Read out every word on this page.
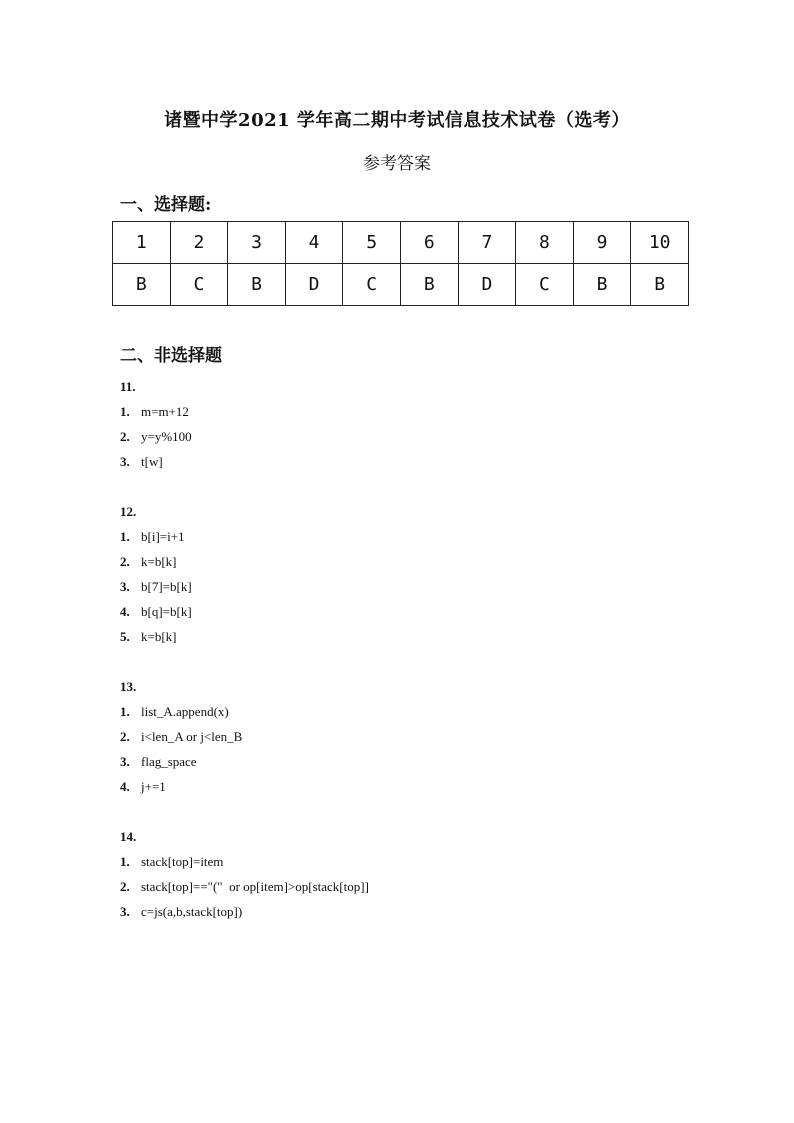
诸暨中学2021 学年高二期中考试信息技术试卷（选考）
参考答案
一、选择题:
1	2	3	4	5	6	7	8	9	10
B	C	B	D	C	B	D	C	B	B
二、非选择题
11.
1. m=m+12
2. y=y%100
3. t[w]
12.
1. b[i]=i+1
2. k=b[k]
3. b[7]=b[k]
4. b[q]=b[k]
5. k=b[k]
13.
1. list_A.append(x)
2. i<len_A or j<len_B
3. flag_space
4. j+=1
14.
1. stack[top]=item
2. stack[top]=="("  or op[item]>op[stack[top]]
3. c=js(a,b,stack[top])
